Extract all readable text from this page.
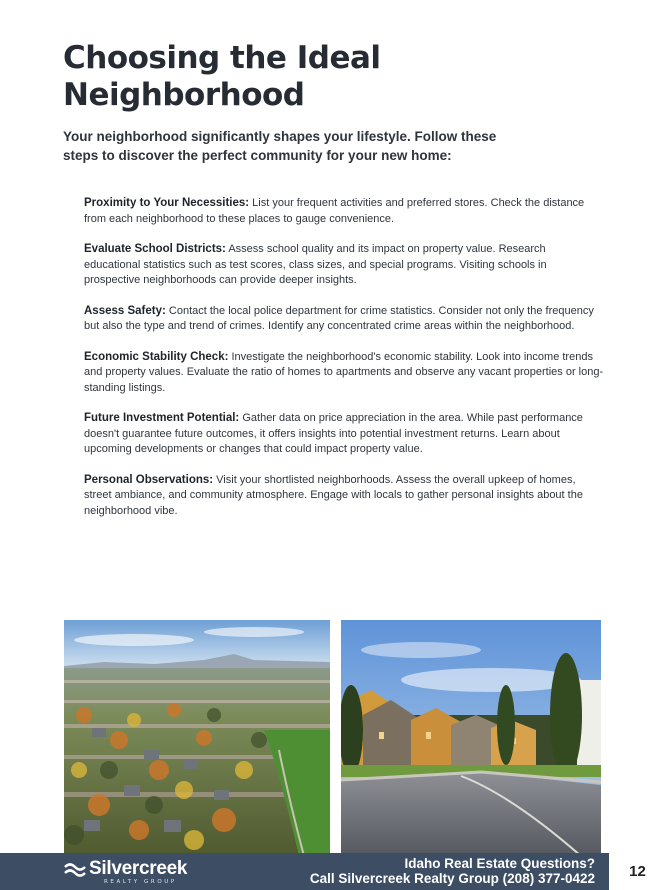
Choosing the Ideal Neighborhood

Your neighborhood significantly shapes your lifestyle. Follow these steps to discover the perfect community for your new home:

Proximity to Your Necessities: List your frequent activities and preferred stores. Check the distance from each neighborhood to these places to gauge convenience.
Evaluate School Districts: Assess school quality and its impact on property value. Research educational statistics such as test scores, class sizes, and special programs. Visiting schools in prospective neighborhoods can provide deeper insights.
Assess Safety: Contact the local police department for crime statistics. Consider not only the frequency but also the type and trend of crimes. Identify any concentrated crime areas within the neighborhood.
Economic Stability Check: Investigate the neighborhood's economic stability. Look into income trends and property values. Evaluate the ratio of homes to apartments and observe any vacant properties or long-standing listings.
Future Investment Potential: Gather data on price appreciation in the area. While past performance doesn't guarantee future outcomes, it offers insights into potential investment returns. Learn about upcoming developments or changes that could impact property value.
Personal Observations: Visit your shortlisted neighborhoods. Assess the overall upkeep of homes, street ambiance, and community atmosphere. Engage with locals to gather personal insights about the neighborhood vibe.
Silvercreek
REALTY GROUP
Idaho Real Estate Questions?
Call Silvercreek Realty Group (208) 377-0422	12
